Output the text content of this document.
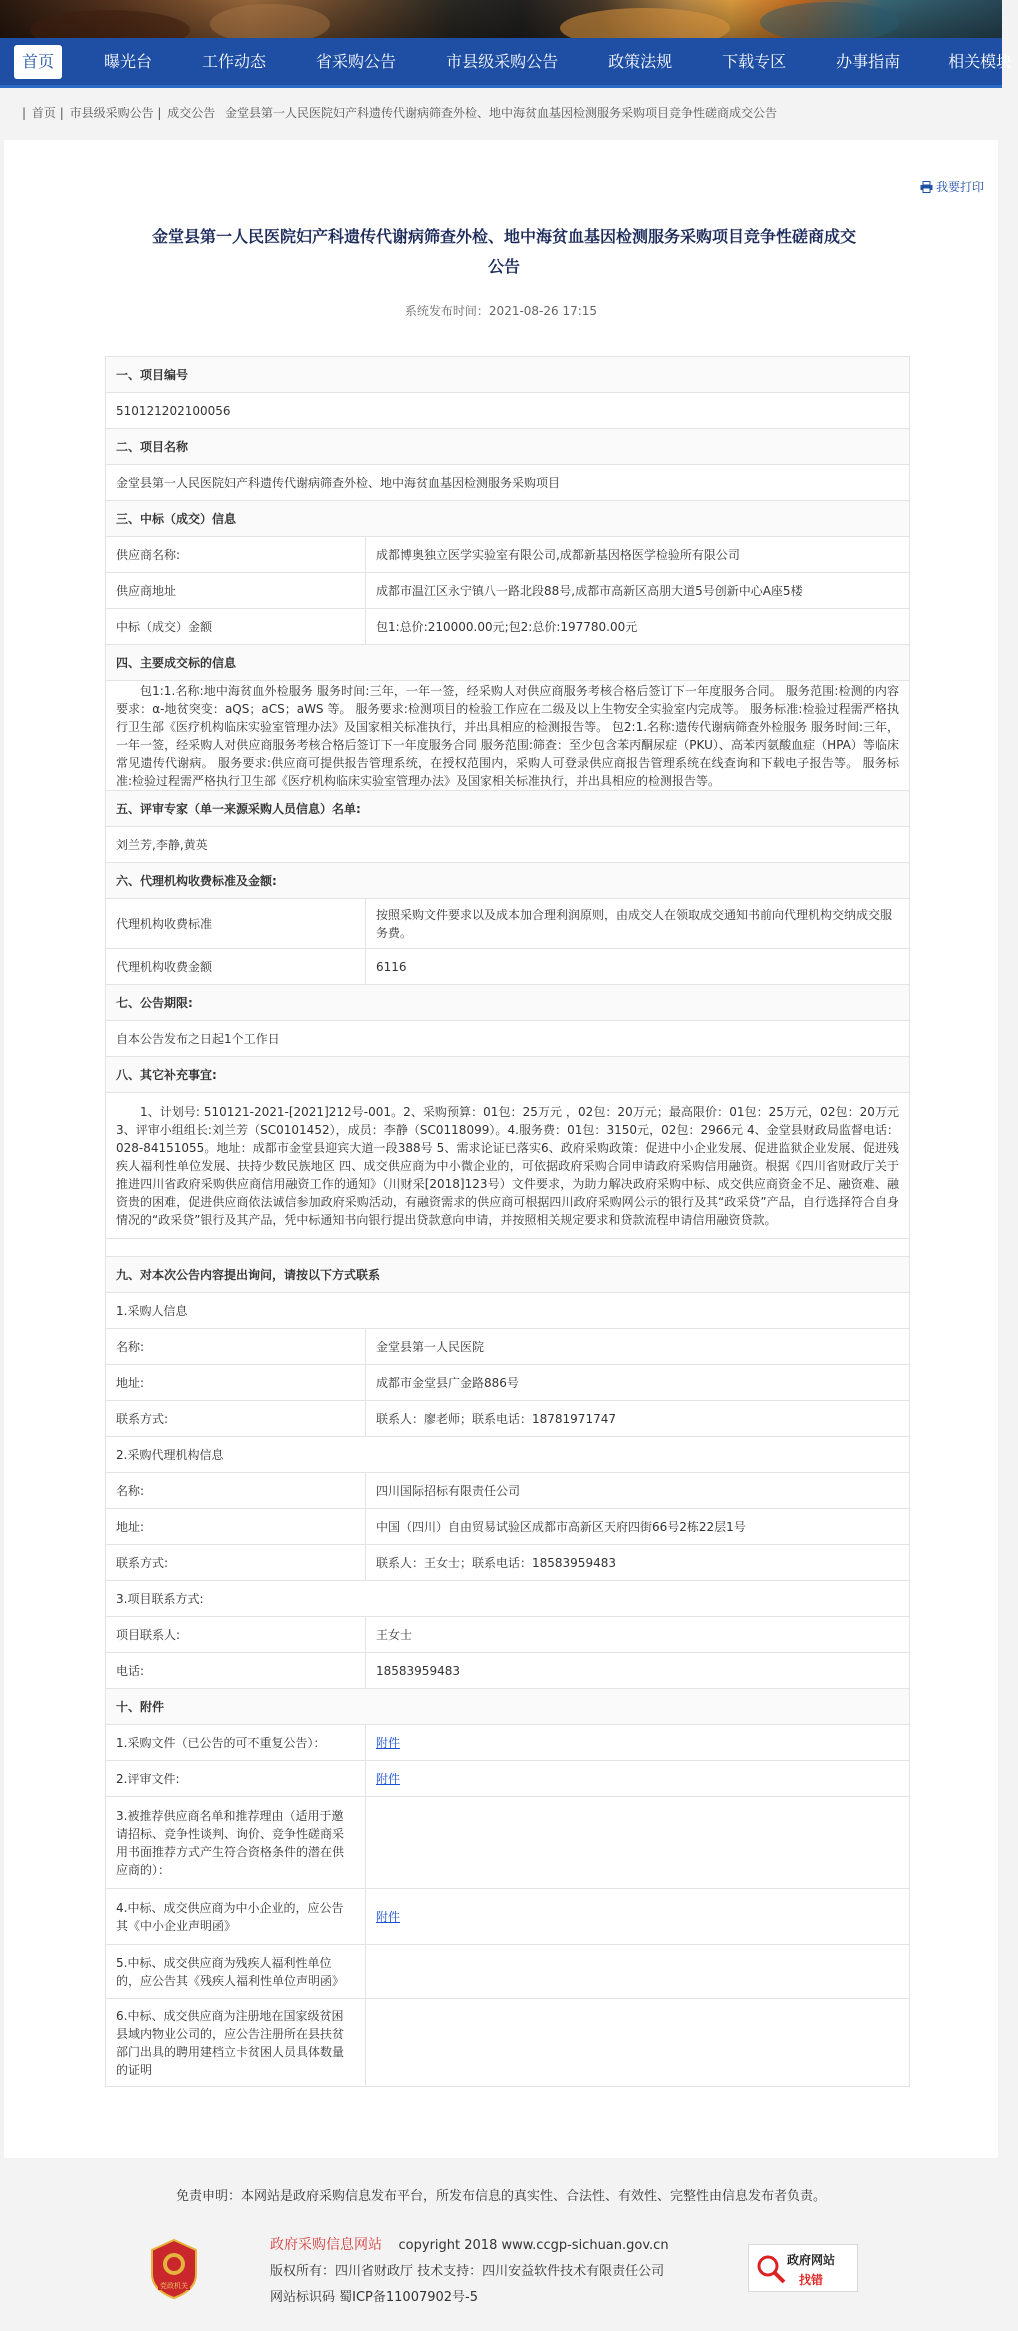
首页	曝光台	工作动态	省采购公告	市县级采购公告	政策法规	下载专区	办事指南	相关模块
| 首页 | 市县级采购公告 | 成交公告 金堂县第一人民医院妇产科遗传代谢病筛查外检、地中海贫血基因检测服务采购项目竞争性磋商成交公告
我要打印
金堂县第一人民医院妇产科遗传代谢病筛查外检、地中海贫血基因检测服务采购项目竞争性磋商成交
公告
系统发布时间：2021-08-26 17:15
一、项目编号	
510121202100056	
二、项目名称	
金堂县第一人民医院妇产科遗传代谢病筛查外检、地中海贫血基因检测服务采购项目	
三、中标（成交）信息	
供应商名称:	成都博奥独立医学实验室有限公司,成都新基因格医学检验所有限公司
供应商地址	成都市温江区永宁镇八一路北段88号,成都市高新区高朋大道5号创新中心A座5楼
中标（成交）金额	包1:总价:210000.00元;包2:总价:197780.00元
四、主要成交标的信息	
包1:1.名称:地中海贫血外检服务 服务时间:三年，一年一签，经采购人对供应商服务考核合格后签订下一年度服务合同。 服务范围:检测的内容要求：α-地贫突变：aQS；aCS；aWS 等。 服务要求:检测项目的检验工作应在二级及以上生物安全实验室内完成等。 服务标准:检验过程需严格执行卫生部《医疗机构临床实验室管理办法》及国家相关标准执行，并出具相应的检测报告等。 包2:1.名称:遗传代谢病筛查外检服务 服务时间:三年，一年一签，经采购人对供应商服务考核合格后签订下一年度服务合同 服务范围:筛查：至少包含苯丙酮尿症（PKU）、高苯丙氨酸血症（HPA）等临床常见遗传代谢病。 服务要求:供应商可提供报告管理系统，在授权范围内，采购人可登录供应商报告管理系统在线查询和下载电子报告等。 服务标准:检验过程需严格执行卫生部《医疗机构临床实验室管理办法》及国家相关标准执行，并出具相应的检测报告等。	
五、评审专家（单一来源采购人员信息）名单:	
刘兰芳,李静,黄英	
六、代理机构收费标准及金额:	
代理机构收费标准	按照采购文件要求以及成本加合理利润原则，由成交人在领取成交通知书前向代理机构交纳成交服务费。
代理机构收费金额	6116
七、公告期限:	
自本公告发布之日起1个工作日	
八、其它补充事宜:	
1、计划号: 510121-2021-[2021]212号-001。2、采购预算：01包：25万元 ，02包：20万元；最高限价：01包：25万元，02包：20万元3、评审小组组长:刘兰芳（SC0101452），成员：李静（SC0118099）。4.服务费：01包：3150元，02包：2966元 4、金堂县财政局监督电话：028-84151055。地址：成都市金堂县迎宾大道一段388号 5、需求论证已落实6、政府采购政策：促进中小企业发展、促进监狱企业发展、促进残疾人福利性单位发展、扶持少数民族地区 四、成交供应商为中小微企业的，可依据政府采购合同申请政府采购信用融资。根据《四川省财政厅关于推进四川省政府采购供应商信用融资工作的通知》（川财采[2018]123号）文件要求，为助力解决政府采购中标、成交供应商资金不足、融资难、融资贵的困难，促进供应商依法诚信参加政府采购活动，有融资需求的供应商可根据四川政府采购网公示的银行及其“政采贷”产品，自行选择符合自身情况的“政采贷”银行及其产品，凭中标通知书向银行提出贷款意向申请，并按照相关规定要求和贷款流程申请信用融资贷款。	

九、对本次公告内容提出询问，请按以下方式联系	
1.采购人信息	
名称:	金堂县第一人民医院
地址:	成都市金堂县广金路886号
联系方式:	联系人：廖老师；联系电话：18781971747
2.采购代理机构信息	
名称:	四川国际招标有限责任公司
地址:	中国（四川）自由贸易试验区成都市高新区天府四街66号2栋22层1号
联系方式:	联系人：王女士；联系电话：18583959483
3.项目联系方式:	
项目联系人:	王女士
电话:	18583959483
十、附件	
1.采购文件（已公告的可不重复公告）：	附件
2.评审文件:	附件
3.被推荐供应商名单和推荐理由（适用于邀请招标、竞争性谈判、询价、竞争性磋商采用书面推荐方式产生符合资格条件的潜在供应商的）：	
4.中标、成交供应商为中小企业的，应公告其《中小企业声明函》	附件
5.中标、成交供应商为残疾人福利性单位的，应公告其《残疾人福利性单位声明函》	
6.中标、成交供应商为注册地在国家级贫困县域内物业公司的，应公告注册所在县扶贫部门出具的聘用建档立卡贫困人员具体数量的证明	
免责申明：本网站是政府采购信息发布平台，所发布信息的真实性、合法性、有效性、完整性由信息发布者负责。
党政机关
政府采购信息网站 copyright 2018 www.ccgp-sichuan.gov.cn
版权所有：四川省财政厅 技术支持：四川安益软件技术有限责任公司
网站标识码 蜀ICP备11007902号-5
政府网站
找错
